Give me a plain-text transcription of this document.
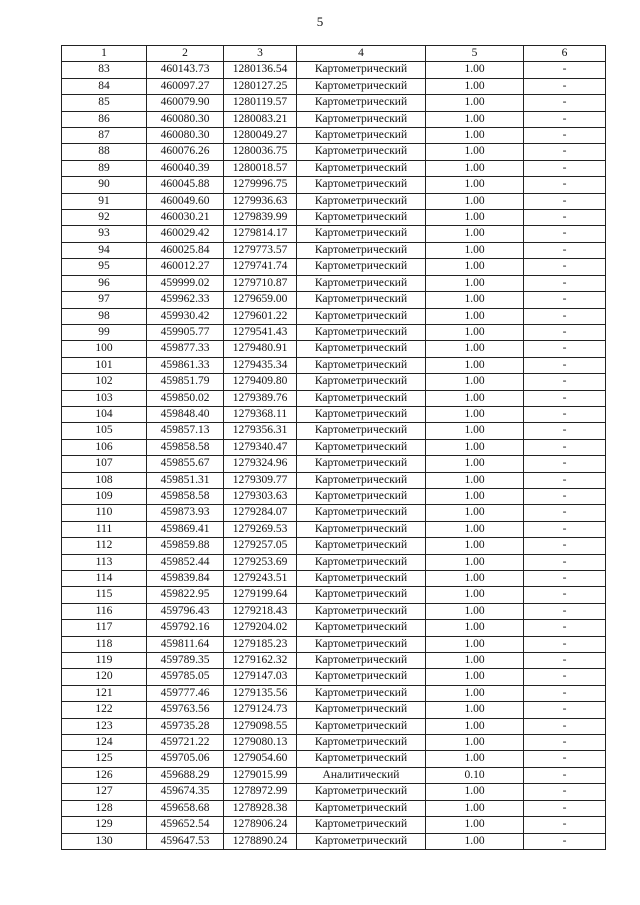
5
1	2	3	4	5	6
83	460143.73	1280136.54	Картометрический	1.00	-
84	460097.27	1280127.25	Картометрический	1.00	-
85	460079.90	1280119.57	Картометрический	1.00	-
86	460080.30	1280083.21	Картометрический	1.00	-
87	460080.30	1280049.27	Картометрический	1.00	-
88	460076.26	1280036.75	Картометрический	1.00	-
89	460040.39	1280018.57	Картометрический	1.00	-
90	460045.88	1279996.75	Картометрический	1.00	-
91	460049.60	1279936.63	Картометрический	1.00	-
92	460030.21	1279839.99	Картометрический	1.00	-
93	460029.42	1279814.17	Картометрический	1.00	-
94	460025.84	1279773.57	Картометрический	1.00	-
95	460012.27	1279741.74	Картометрический	1.00	-
96	459999.02	1279710.87	Картометрический	1.00	-
97	459962.33	1279659.00	Картометрический	1.00	-
98	459930.42	1279601.22	Картометрический	1.00	-
99	459905.77	1279541.43	Картометрический	1.00	-
100	459877.33	1279480.91	Картометрический	1.00	-
101	459861.33	1279435.34	Картометрический	1.00	-
102	459851.79	1279409.80	Картометрический	1.00	-
103	459850.02	1279389.76	Картометрический	1.00	-
104	459848.40	1279368.11	Картометрический	1.00	-
105	459857.13	1279356.31	Картометрический	1.00	-
106	459858.58	1279340.47	Картометрический	1.00	-
107	459855.67	1279324.96	Картометрический	1.00	-
108	459851.31	1279309.77	Картометрический	1.00	-
109	459858.58	1279303.63	Картометрический	1.00	-
110	459873.93	1279284.07	Картометрический	1.00	-
111	459869.41	1279269.53	Картометрический	1.00	-
112	459859.88	1279257.05	Картометрический	1.00	-
113	459852.44	1279253.69	Картометрический	1.00	-
114	459839.84	1279243.51	Картометрический	1.00	-
115	459822.95	1279199.64	Картометрический	1.00	-
116	459796.43	1279218.43	Картометрический	1.00	-
117	459792.16	1279204.02	Картометрический	1.00	-
118	459811.64	1279185.23	Картометрический	1.00	-
119	459789.35	1279162.32	Картометрический	1.00	-
120	459785.05	1279147.03	Картометрический	1.00	-
121	459777.46	1279135.56	Картометрический	1.00	-
122	459763.56	1279124.73	Картометрический	1.00	-
123	459735.28	1279098.55	Картометрический	1.00	-
124	459721.22	1279080.13	Картометрический	1.00	-
125	459705.06	1279054.60	Картометрический	1.00	-
126	459688.29	1279015.99	Аналитический	0.10	-
127	459674.35	1278972.99	Картометрический	1.00	-
128	459658.68	1278928.38	Картометрический	1.00	-
129	459652.54	1278906.24	Картометрический	1.00	-
130	459647.53	1278890.24	Картометрический	1.00	-
